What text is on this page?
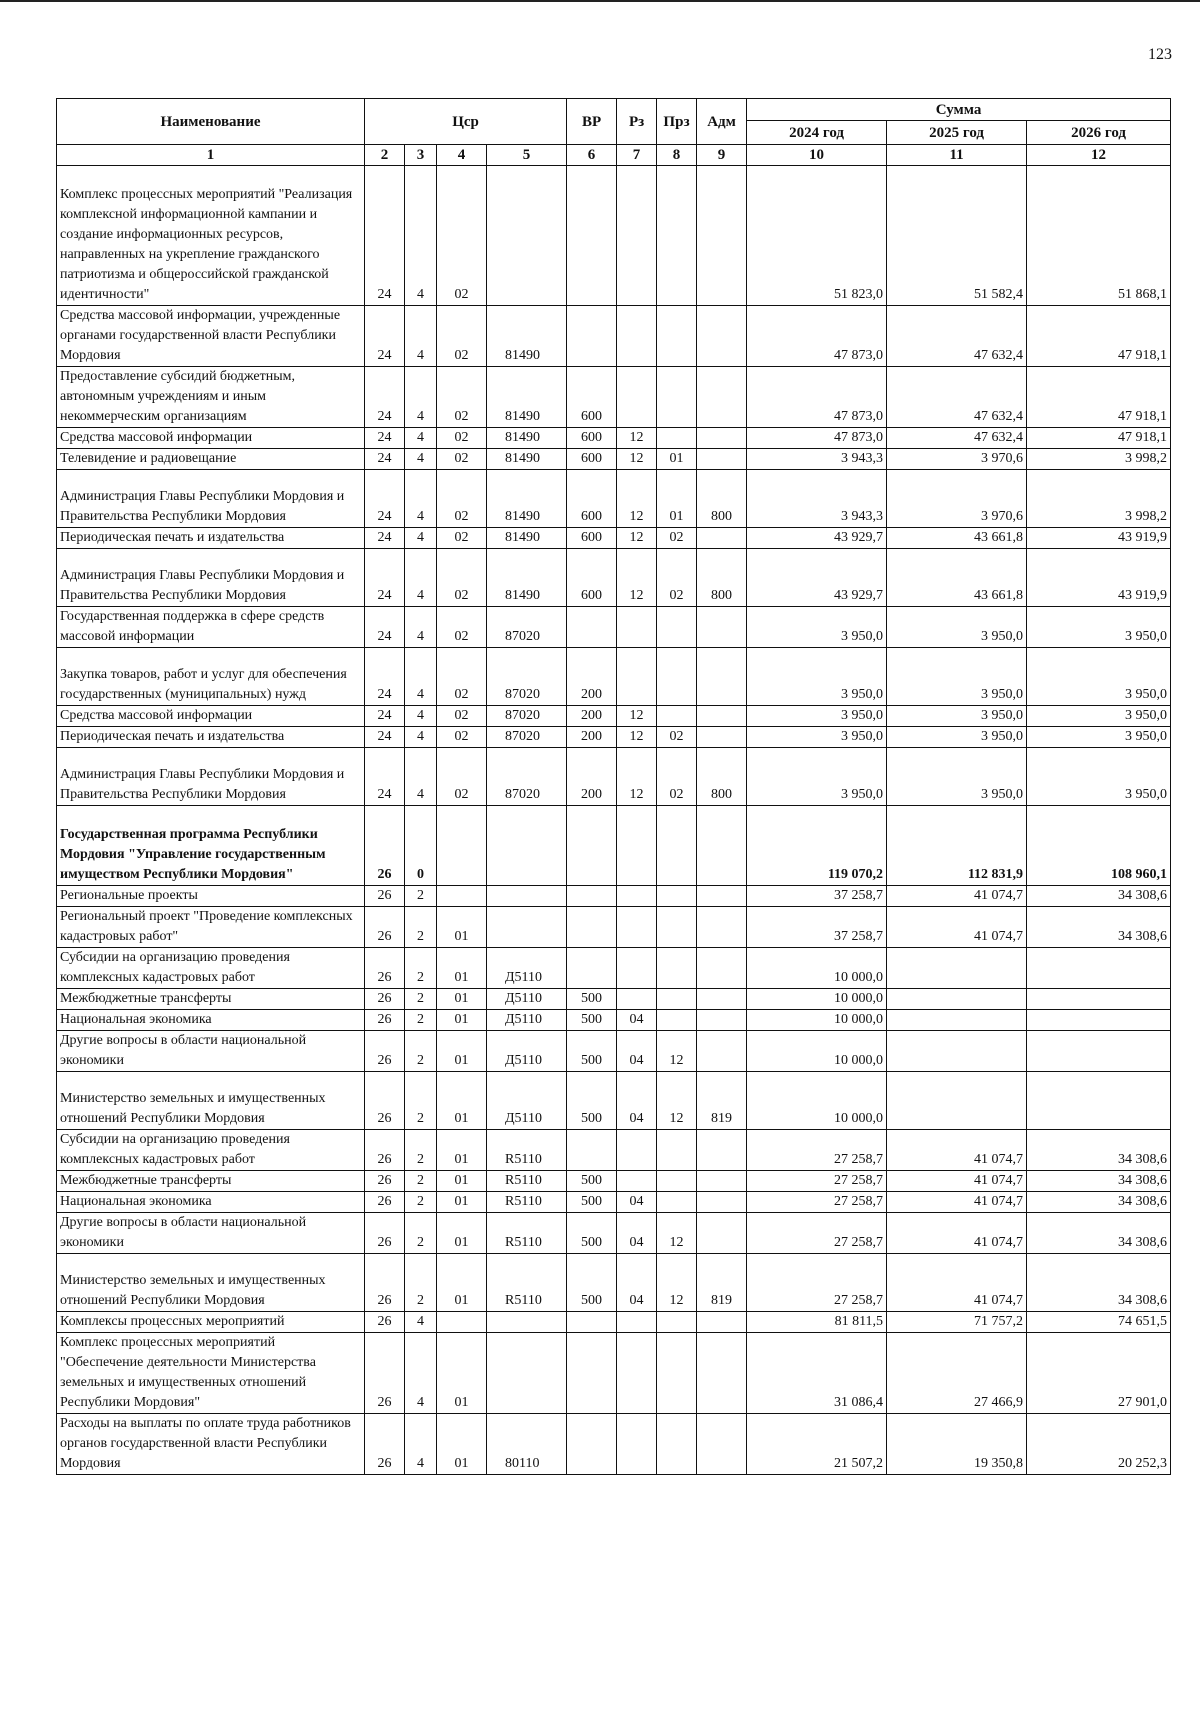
123
Наименование	Цср				ВР	Рз	Прз	Адм	Сумма		
									2024 год	2025 год	2026 год
1	2	3	4	5	6	7	8	9	10	11	12
Комплекс процессных мероприятий "Реализация комплексной информационной кампании и создание информационных ресурсов, направленных на укрепление гражданского патриотизма и общероссийской гражданской идентичности"	24	4	02						51 823,0	51 582,4	51 868,1
Средства массовой информации, учрежденные органами государственной власти Республики Мордовия	24	4	02	81490					47 873,0	47 632,4	47 918,1
Предоставление субсидий бюджетным, автономным учреждениям и иным некоммерческим организациям	24	4	02	81490	600				47 873,0	47 632,4	47 918,1
Средства массовой информации	24	4	02	81490	600	12			47 873,0	47 632,4	47 918,1
Телевидение и радиовещание	24	4	02	81490	600	12	01		3 943,3	3 970,6	3 998,2
Администрация Главы Республики Мордовия и Правительства Республики Мордовия	24	4	02	81490	600	12	01	800	3 943,3	3 970,6	3 998,2
Периодическая печать и издательства	24	4	02	81490	600	12	02		43 929,7	43 661,8	43 919,9
Администрация Главы Республики Мордовия и Правительства Республики Мордовия	24	4	02	81490	600	12	02	800	43 929,7	43 661,8	43 919,9
Государственная поддержка в сфере средств массовой информации	24	4	02	87020					3 950,0	3 950,0	3 950,0
Закупка товаров, работ и услуг для обеспечения государственных (муниципальных) нужд	24	4	02	87020	200				3 950,0	3 950,0	3 950,0
Средства массовой информации	24	4	02	87020	200	12			3 950,0	3 950,0	3 950,0
Периодическая печать и издательства	24	4	02	87020	200	12	02		3 950,0	3 950,0	3 950,0
Администрация Главы Республики Мордовия и Правительства Республики Мордовия	24	4	02	87020	200	12	02	800	3 950,0	3 950,0	3 950,0
Государственная программа Республики Мордовия "Управление государственным имуществом Республики Мордовия"	26	0							119 070,2	112 831,9	108 960,1
Региональные проекты	26	2							37 258,7	41 074,7	34 308,6
Региональный проект "Проведение комплексных кадастровых работ"	26	2	01						37 258,7	41 074,7	34 308,6
Субсидии на организацию проведения комплексных кадастровых работ	26	2	01	Д5110					10 000,0		
Межбюджетные трансферты	26	2	01	Д5110	500				10 000,0		
Национальная экономика	26	2	01	Д5110	500	04			10 000,0		
Другие вопросы в области национальной экономики	26	2	01	Д5110	500	04	12		10 000,0		
Министерство земельных и имущественных отношений Республики Мордовия	26	2	01	Д5110	500	04	12	819	10 000,0		
Субсидии на организацию проведения комплексных кадастровых работ	26	2	01	R5110					27 258,7	41 074,7	34 308,6
Межбюджетные трансферты	26	2	01	R5110	500				27 258,7	41 074,7	34 308,6
Национальная экономика	26	2	01	R5110	500	04			27 258,7	41 074,7	34 308,6
Другие вопросы в области национальной экономики	26	2	01	R5110	500	04	12		27 258,7	41 074,7	34 308,6
Министерство земельных и имущественных отношений Республики Мордовия	26	2	01	R5110	500	04	12	819	27 258,7	41 074,7	34 308,6
Комплексы процессных мероприятий	26	4							81 811,5	71 757,2	74 651,5
Комплекс процессных мероприятий "Обеспечение деятельности Министерства земельных и имущественных отношений Республики Мордовия"	26	4	01						31 086,4	27 466,9	27 901,0
Расходы на выплаты по оплате труда работников органов государственной власти Республики Мордовия	26	4	01	80110					21 507,2	19 350,8	20 252,3
